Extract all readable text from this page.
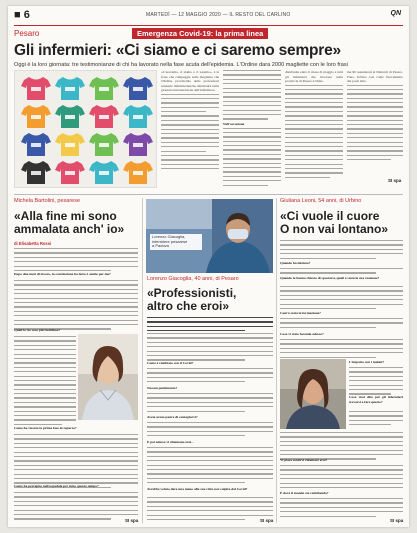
■ 6	MARTEDÌ — 12 MAGGIO 2020 — IL RESTO DEL CARLINO	QN
Pesaro	Emergenza Covid-19: la prima linea
Gli infermieri: «Ci siamo e ci saremo sempre»
Oggi è la loro giornata: tre testimonianze di chi ha lavorato nella fase acuta dell'epidemia. L'Ordine dara 2000 magliette con le loro frasi

«C'eravamo, ci siamo e ci saremo», è la frase che campeggia sulle magliette che l'Ordine provinciale delle professioni sanitarie infermieristiche distribuirà nella giornata internazionale dell'infermiere.

Nell'occasione

distribuite entro il mese di maggio a tutti gli infermieri che lavorano nella provincia di Pesaro-Urbino.

me 90 assunzioni ai Distretti di Pesaro, Fano, Urbino così come l'incremento dei posti letto.

SI spa
Michela Bartolini, pesarese
«Alla fine mi sono
ammalata anch' io»
di Elisabetta Rossi
Dopo due mesi di lavoro, la convinzione ha fatto 2 anche per me?
Quali le tre cose più fastidiose?
Come ha vissuto la prima fase in reparto?
Come ha percepito nell'ospedale per tutto questo tempo?
SI spa
Lorenzo Giacoglia,
infermiere pesarese
a Padova
Lorenzo Giacoglia, 40 anni, di Pesaro
«Professionisti,
altro che eroi»
Come è cambiato con il Covid?
Nessun pentimento?
Avete avuto paura di contagiarvi?
E poi adesso vi chiamano eroi...
Avrebbe voluto dare una mano alla sua città così colpita dal Covid?
SI spa
Giuliana Leoni, 54 anni, di Urbino
«Ci vuole il cuore
O non vai lontano»
Quando ha iniziato?
Quando le hanno chiesto di spostarsi, quali è stata la sua reazione?
Com'è stata la formazione?
Cosa vi state facendo adesso?
L'impatto con i malati?
Cosa vuol dire per gli infermieri trovarsi a fare questo?
Vi piace sentirvi chiamare eroi?
E dove il mondo sta cambiando?
SI spa
